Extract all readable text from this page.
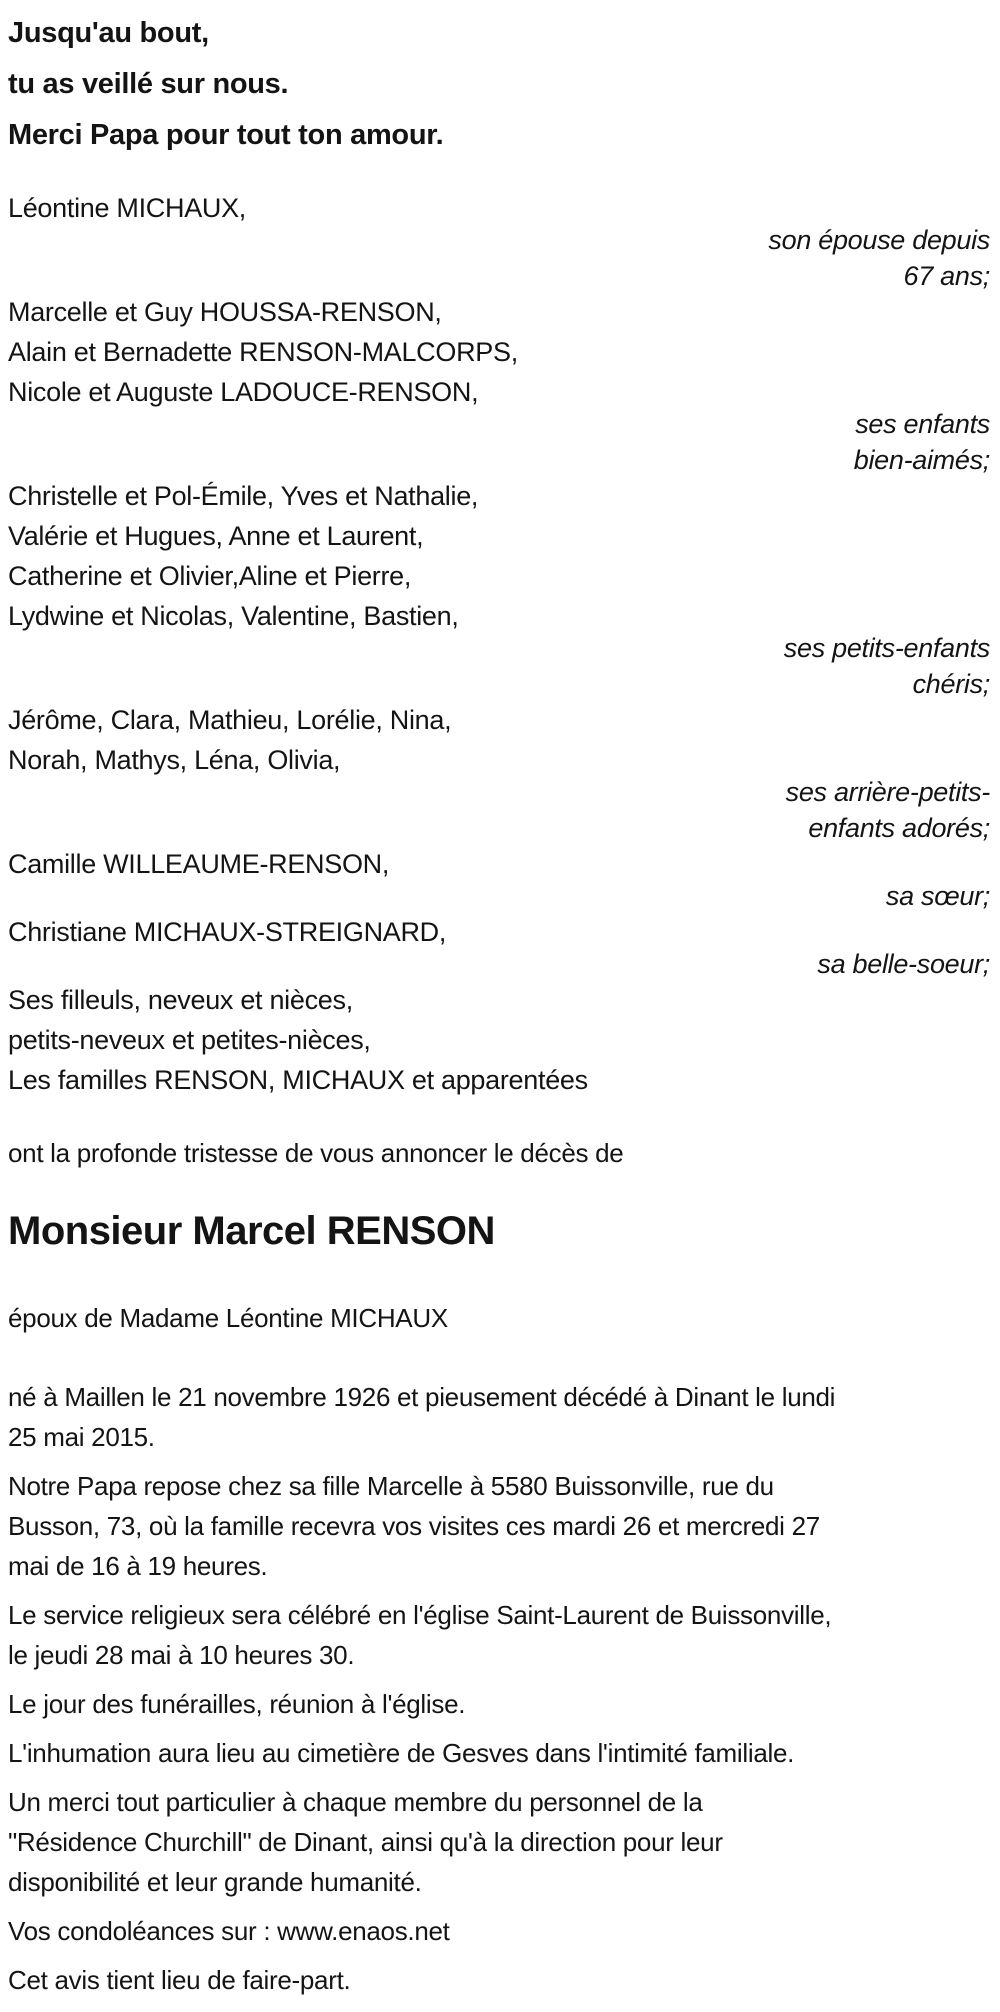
Jusqu'au bout,
tu as veillé sur nous.
Merci Papa pour tout ton amour.
Léontine MICHAUX,
son épouse depuis
67 ans;
Marcelle et Guy HOUSSA-RENSON,
Alain et Bernadette RENSON-MALCORPS,
Nicole et Auguste LADOUCE-RENSON,
ses enfants
bien-aimés;
Christelle et Pol-Émile, Yves et Nathalie,
Valérie et Hugues, Anne et Laurent,
Catherine et Olivier,Aline et Pierre,
Lydwine et Nicolas, Valentine, Bastien,
ses petits-enfants
chéris;
Jérôme, Clara, Mathieu, Lorélie, Nina,
Norah, Mathys, Léna, Olivia,
ses arrière-petits-
enfants adorés;
Camille WILLEAUME-RENSON,
sa sœur;
Christiane MICHAUX-STREIGNARD,
sa belle-soeur;
Ses filleuls, neveux et nièces,
petits-neveux et petites-nièces,
Les familles RENSON, MICHAUX et apparentées
ont la profonde tristesse de vous annoncer le décès de
Monsieur Marcel RENSON
époux de Madame Léontine MICHAUX

né à Maillen le 21 novembre 1926 et pieusement décédé à Dinant le lundi
25 mai 2015.

Notre Papa repose chez sa fille Marcelle à 5580 Buissonville, rue du
Busson, 73, où la famille recevra vos visites ces mardi 26 et mercredi 27
mai de 16 à 19 heures.

Le service religieux sera célébré en l'église Saint-Laurent de Buissonville,
le jeudi 28 mai à 10 heures 30.

Le jour des funérailles, réunion à l'église.

L'inhumation aura lieu au cimetière de Gesves dans l'intimité familiale.

Un merci tout particulier à chaque membre du personnel de la
"Résidence Churchill" de Dinant, ainsi qu'à la direction pour leur
disponibilité et leur grande humanité.

Vos condoléances sur : www.enaos.net

Cet avis tient lieu de faire-part.
